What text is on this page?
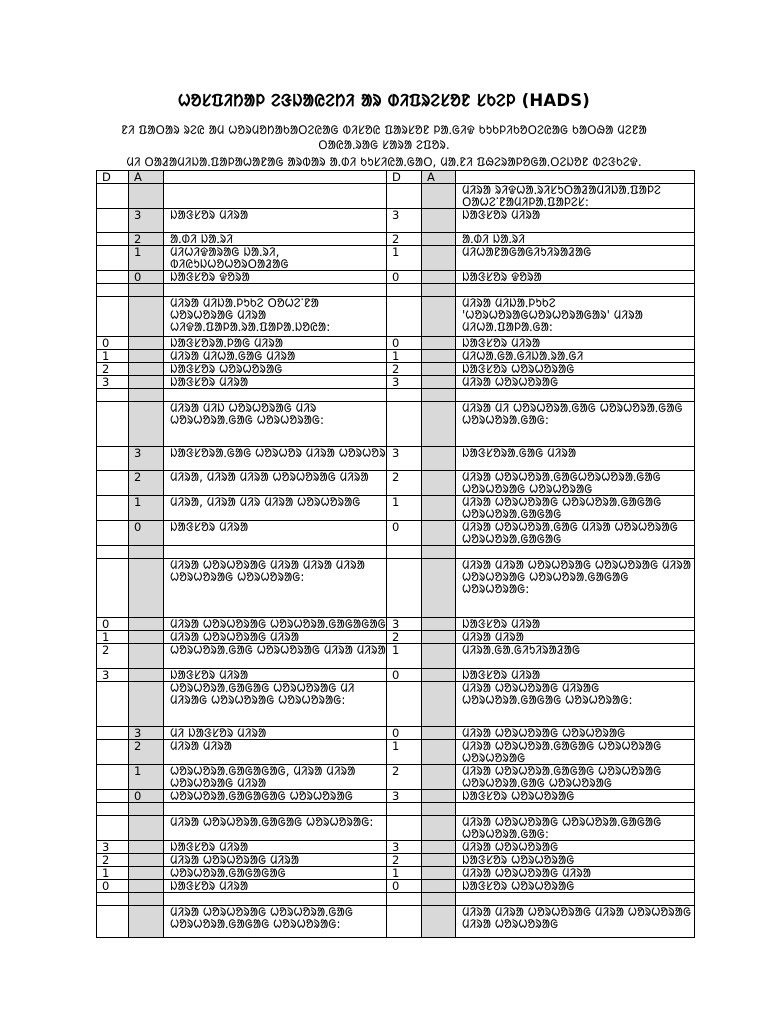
ᱦᱚᱥᱯᱤᱴᱟᱞ ᱮᱝᱡᱟᱭᱮᱴᱤ ᱟᱨ ᱰᱤᱯᱨᱮᱥᱚᱱ ᱥᱠᱮᱞ (HADS)
ᱱᱤ ᱯᱟᱛᱟᱨ ᱨᱮᱭ ᱟᱢ ᱦᱚᱨᱢᱚᱴᱟᱠᱟᱛᱮᱭᱟᱜ ᱵᱤᱥᱚᱭ ᱯᱟᱨᱥᱚᱱ ᱞᱟᱹᱜᱤᱫ ᱠᱩᱠᱞᱤᱠᱚᱛᱮᱭᱟᱜ ᱠᱟᱛᱷᱟ ᱢᱮᱱᱟ ᱛᱟᱭᱟᱹᱨᱟᱜ ᱥᱟᱨᱟ ᱮᱯᱚᱨ.
ᱢᱤ ᱛᱟᱲᱟᱢᱤᱡᱟᱹᱯᱟᱞᱟᱦᱟᱱᱟᱜ ᱟᱨᱵᱟᱨ ᱟᱹᱰᱤ ᱠᱩᱥᱤᱭᱟᱹᱜᱟᱛ, ᱢᱟᱹᱱᱤ ᱯᱷᱮᱨᱟᱞᱚᱜᱟᱹᱛᱮᱡᱚᱱ ᱵᱮᱝᱠᱮᱫ.
D	A		D	A	
					ᱢᱤᱨᱟ ᱨᱤᱫᱦᱟᱹᱨᱤᱥᱩᱛᱟᱲᱟᱢᱤᱡᱟᱹᱯᱟᱞᱮ ᱛᱟᱦᱮᱸᱱᱟᱢᱤᱞᱟᱹᱯᱟᱞᱮᱥ:
	3	ᱡᱟᱝᱥᱚᱨ ᱢᱤᱨᱟ	3		ᱡᱟᱝᱥᱚᱨ ᱢᱤᱨᱟ
	2	ᱟᱹᱰᱤ ᱡᱟᱹᱨᱤ	2		ᱟᱹᱰᱤ ᱡᱟᱹᱨᱤ
	1	ᱢᱤᱦᱤᱫᱟᱨᱟᱜ ᱡᱟᱹᱨᱤ, ᱵᱤᱭᱩᱡᱦᱚᱦᱚᱨᱛᱟᱲᱟᱜ	1		ᱢᱤᱦᱟᱱᱟᱜᱟᱜᱤᱩᱤᱨᱟᱲᱟᱜ
	0	ᱡᱟᱝᱥᱚᱨ ᱫᱚᱨᱟ	0		ᱡᱟᱝᱥᱚᱨ ᱫᱚᱨᱟ

		ᱢᱤᱨᱟ ᱢᱤᱡᱟᱹᱞᱩᱠᱮ ᱛᱚᱦᱮᱸᱱᱟ ᱦᱚᱨᱦᱚᱨᱟᱜ ᱢᱤᱨᱟ ᱦᱤᱫᱟᱹᱯᱟᱞᱟᱹᱨᱟᱹᱯᱟᱞᱟᱹᱡᱚᱭᱟ:			ᱢᱤᱨᱟ ᱢᱤᱡᱟᱹᱞᱩᱠᱮ 'ᱦᱚᱨᱦᱚᱨᱟᱜᱦᱚᱨᱦᱚᱨᱟᱜᱟᱨ' ᱢᱤᱨᱟ ᱢᱤᱦᱟᱹᱯᱟᱞᱟᱹᱜᱟ:
0		ᱡᱟᱝᱥᱚᱨᱟᱹᱞᱟᱜ ᱢᱤᱨᱟ	0		ᱡᱟᱝᱥᱚᱨ ᱢᱤᱨᱟ
1		ᱢᱤᱨᱟ ᱢᱤᱦᱟᱹᱜᱟᱜ ᱢᱤᱨᱟ	1		ᱢᱤᱦᱟᱹᱜᱟᱹᱜᱤᱡᱟᱹᱨᱟᱹᱜᱤ
2		ᱡᱟᱝᱥᱚᱨ ᱦᱚᱨᱦᱚᱨᱟᱜ	2		ᱡᱟᱝᱥᱚᱨ ᱦᱚᱨᱦᱚᱨᱟᱜ
3		ᱡᱟᱝᱥᱚᱨ ᱢᱤᱨᱟ	3		ᱢᱤᱨᱟ ᱦᱚᱨᱦᱚᱨᱟᱜ

		ᱢᱤᱨᱟ ᱢᱤᱡ ᱦᱚᱨᱦᱚᱨᱟᱜ ᱢᱤᱨ ᱦᱚᱨᱦᱚᱨᱟᱹᱜᱟᱜ ᱦᱚᱨᱦᱚᱨᱟᱜ:			ᱢᱤᱨᱟ ᱢᱤ ᱦᱚᱨᱦᱚᱨᱟᱹᱜᱟᱜ ᱦᱚᱨᱦᱚᱨᱟᱹᱜᱟᱜ ᱦᱚᱨᱦᱚᱨᱟᱹᱜᱟᱜ:
	3	ᱡᱟᱝᱥᱚᱨᱟᱹᱜᱟᱜ ᱦᱚᱨᱦᱚᱨ ᱢᱤᱨᱟ ᱦᱚᱨᱦᱚᱨ	3		ᱡᱟᱝᱥᱚᱨᱟᱹᱜᱟᱜ ᱢᱤᱨᱟ
	2	ᱢᱤᱨᱟ, ᱢᱤᱨᱟ ᱢᱤᱨᱟ ᱦᱚᱨᱦᱚᱨᱟᱜ ᱢᱤᱨᱟ	2		ᱢᱤᱨᱟ ᱦᱚᱨᱦᱚᱨᱟᱹᱜᱟᱜᱦᱚᱨᱦᱚᱨᱟᱹᱜᱟᱜ ᱦᱚᱨᱦᱚᱨᱟᱜ ᱦᱚᱨᱦᱚᱨᱟᱜ
	1	ᱢᱤᱨᱟ, ᱢᱤᱨᱟ ᱢᱤᱨ ᱢᱤᱨᱟ ᱦᱚᱨᱦᱚᱨᱟᱜ	1		ᱢᱤᱨᱟ ᱦᱚᱨᱦᱚᱨᱟᱜ ᱦᱚᱨᱦᱚᱨᱟᱹᱜᱟᱜᱟᱜ ᱦᱚᱨᱦᱚᱨᱟᱹᱜᱟᱜᱟᱜ
	0	ᱡᱟᱝᱥᱚᱨ ᱢᱤᱨᱟ	0		ᱢᱤᱨᱟ ᱦᱚᱨᱦᱚᱨᱟᱹᱜᱟᱜ ᱢᱤᱨᱟ ᱦᱚᱨᱦᱚᱨᱟᱜ ᱦᱚᱨᱦᱚᱨᱟᱹᱜᱟᱜᱟᱜ

		ᱢᱤᱨᱟ ᱦᱚᱨᱦᱚᱨᱟᱜ ᱢᱤᱨᱟ ᱢᱤᱨᱟ ᱢᱤᱨᱟ ᱦᱚᱨᱦᱚᱨᱟᱜ ᱦᱚᱨᱦᱚᱨᱟᱜ:			ᱢᱤᱨᱟ ᱢᱤᱨᱟ ᱦᱚᱨᱦᱚᱨᱟᱜ ᱦᱚᱨᱦᱚᱨᱟᱜ ᱢᱤᱨᱟ ᱦᱚᱨᱦᱚᱨᱟᱜ ᱦᱚᱨᱦᱚᱨᱟᱹᱜᱟᱜᱟᱜ ᱦᱚᱨᱦᱚᱨᱟᱜ:
0		ᱢᱤᱨᱟ ᱦᱚᱨᱦᱚᱨᱟᱜ ᱦᱚᱨᱦᱚᱨᱟᱹᱜᱟᱜᱟᱜᱟᱜ	3		ᱡᱟᱝᱥᱚᱨ ᱢᱤᱨᱟ
1		ᱢᱤᱨᱟ ᱦᱚᱨᱦᱚᱨᱟᱜ ᱢᱤᱨᱟ	2		ᱢᱤᱨᱟ ᱢᱤᱨᱟ
2		ᱦᱚᱨᱦᱚᱨᱟᱹᱜᱟᱜ ᱦᱚᱨᱦᱚᱨᱟᱜ ᱢᱤᱨᱟ ᱢᱤᱨᱟ	1		ᱢᱤᱨᱟᱹᱜᱟᱹᱜᱤᱩᱤᱨᱟᱲᱟᱜ
3		ᱡᱟᱝᱥᱚᱨ ᱢᱤᱨᱟ	0		ᱡᱟᱝᱥᱚᱨ ᱢᱤᱨᱟ
		ᱦᱚᱨᱦᱚᱨᱟᱹᱜᱟᱜᱟᱜ ᱦᱚᱨᱦᱚᱨᱟᱜ ᱢᱤ ᱢᱤᱨᱟᱜ ᱦᱚᱨᱦᱚᱨᱟᱜ ᱦᱚᱨᱦᱚᱨᱟᱜ:			ᱢᱤᱨᱟ ᱦᱚᱨᱦᱚᱨᱟᱜ ᱢᱤᱨᱟᱜ ᱦᱚᱨᱦᱚᱨᱟᱹᱜᱟᱜᱟᱜ ᱦᱚᱨᱦᱚᱨᱟᱜ:
	3	ᱢᱤ ᱡᱟᱝᱥᱚᱨ ᱢᱤᱨᱟ	0		ᱢᱤᱨᱟ ᱦᱚᱨᱦᱚᱨᱟᱜ ᱦᱚᱨᱦᱚᱨᱟᱜ
	2	ᱢᱤᱨᱟ ᱢᱤᱨᱟ	1		ᱢᱤᱨᱟ ᱦᱚᱨᱦᱚᱨᱟᱹᱜᱟᱜᱟᱜ ᱦᱚᱨᱦᱚᱨᱟᱜ ᱦᱚᱨᱦᱚᱨᱟᱜ
	1	ᱦᱚᱨᱦᱚᱨᱟᱹᱜᱟᱜᱟᱜᱟᱜ, ᱢᱤᱨᱟ ᱢᱤᱨᱟ ᱦᱚᱨᱦᱚᱨᱟᱜ ᱢᱤᱨᱟ	2		ᱢᱤᱨᱟ ᱦᱚᱨᱦᱚᱨᱟᱹᱜᱟᱜᱟᱜ ᱦᱚᱨᱦᱚᱨᱟᱜ ᱦᱚᱨᱦᱚᱨᱟᱹᱜᱟᱜ ᱦᱚᱨᱦᱚᱨᱟᱜ
	0	ᱦᱚᱨᱦᱚᱨᱟᱹᱜᱟᱜᱟᱜᱟᱜ ᱦᱚᱨᱦᱚᱨᱟᱜ	3		ᱡᱟᱝᱥᱚᱨ ᱦᱚᱨᱦᱚᱨᱟᱜ

		ᱢᱤᱨᱟ ᱦᱚᱨᱦᱚᱨᱟᱹᱜᱟᱜᱟᱜ ᱦᱚᱨᱦᱚᱨᱟᱜ:			ᱢᱤᱨᱟ ᱦᱚᱨᱦᱚᱨᱟᱜ ᱦᱚᱨᱦᱚᱨᱟᱹᱜᱟᱜᱟᱜ ᱦᱚᱨᱦᱚᱨᱟᱹᱜᱟᱜ:
3		ᱡᱟᱝᱥᱚᱨ ᱢᱤᱨᱟ	3		ᱢᱤᱨᱟ ᱦᱚᱨᱦᱚᱨᱟᱜ
2		ᱢᱤᱨᱟ ᱦᱚᱨᱦᱚᱨᱟᱜ ᱢᱤᱨᱟ	2		ᱡᱟᱝᱥᱚᱨ ᱦᱚᱨᱦᱚᱨᱟᱜ
1		ᱦᱚᱨᱦᱚᱨᱟᱹᱜᱟᱜᱟᱜᱟᱜ	1		ᱢᱤᱨᱟ ᱦᱚᱨᱦᱚᱨᱟᱜ ᱢᱤᱨᱟ
0		ᱡᱟᱝᱥᱚᱨ ᱢᱤᱨᱟ	0		ᱡᱟᱝᱥᱚᱨ ᱦᱚᱨᱦᱚᱨᱟᱜ

		ᱢᱤᱨᱟ ᱦᱚᱨᱦᱚᱨᱟᱜ ᱦᱚᱨᱦᱚᱨᱟᱹᱜᱟᱜ ᱦᱚᱨᱦᱚᱨᱟᱹᱜᱟᱜᱟᱜ ᱦᱚᱨᱦᱚᱨᱟᱜ:			ᱢᱤᱨᱟ ᱢᱤᱨᱟ ᱦᱚᱨᱦᱚᱨᱟᱜ ᱢᱤᱨᱟ ᱦᱚᱨᱦᱚᱨᱟᱜ ᱢᱤᱨᱟ ᱦᱚᱨᱦᱚᱨᱟᱜ
